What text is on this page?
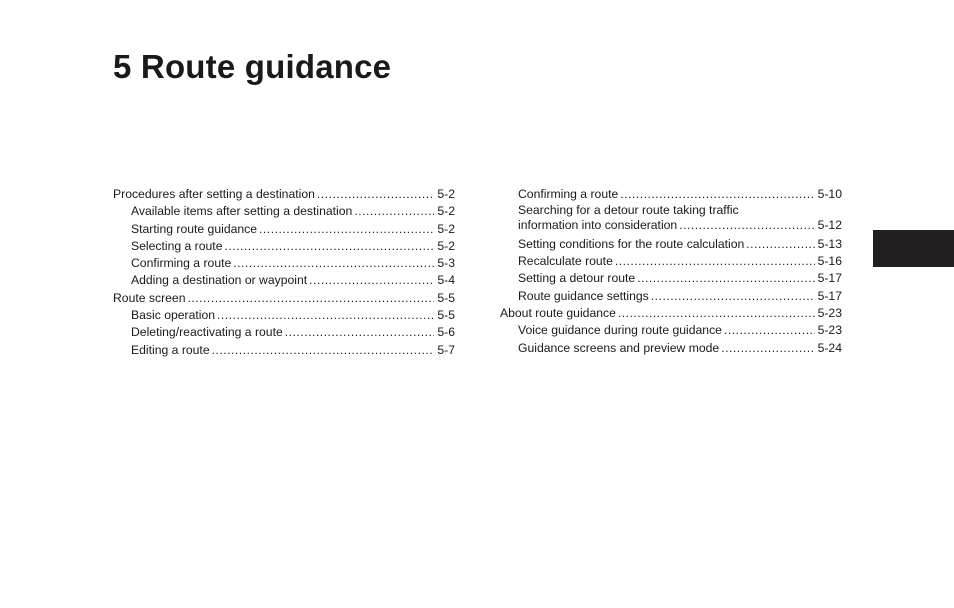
5 Route guidance
Procedures after setting a destination .....	5-2
Available items after setting a destination .....	5-2
Starting route guidance .....	5-2
Selecting a route .....	5-2
Confirming a route .....	5-3
Adding a destination or waypoint .....	5-4
Route screen .....	5-5
Basic operation .....	5-5
Deleting/reactivating a route .....	5-6
Editing a route .....	5-7
Confirming a route .....	5-10
Searching for a detour route taking traffic
information into consideration .....	5-12
Setting conditions for the route calculation .....	5-13
Recalculate route .....	5-16
Setting a detour route .....	5-17
Route guidance settings .....	5-17
About route guidance .....	5-23
Voice guidance during route guidance .....	5-23
Guidance screens and preview mode .....	5-24
